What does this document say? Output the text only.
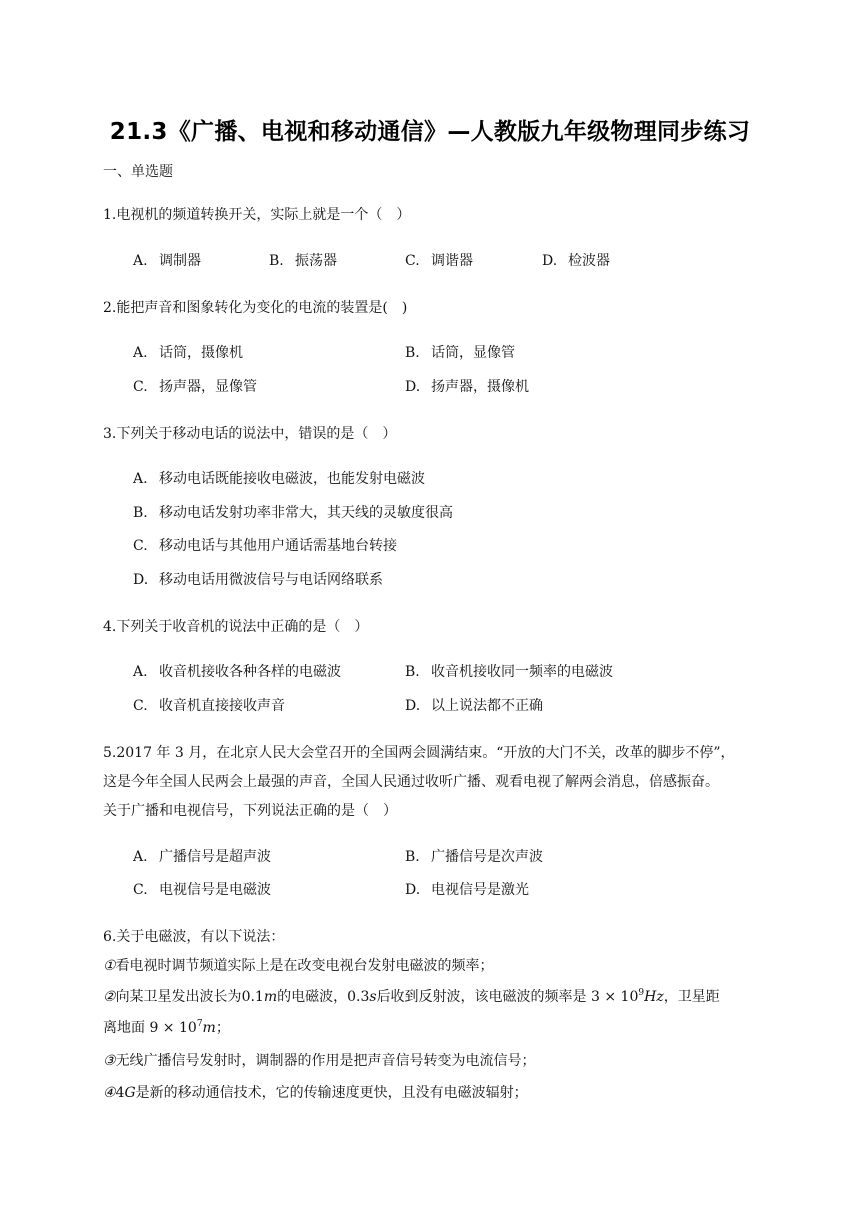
21.3《广播、电视和移动通信》—人教版九年级物理同步练习
一、单选题
1.电视机的频道转换开关，实际上就是一个（　）
A. 调制器	B. 振荡器	C. 调谐器	D. 检波器
2.能把声音和图象转化为变化的电流的装置是(　)
A. 话筒，摄像机	B. 话筒，显像管
C. 扬声器，显像管	D. 扬声器，摄像机
3.下列关于移动电话的说法中，错误的是（　）
A. 移动电话既能接收电磁波，也能发射电磁波
B. 移动电话发射功率非常大，其天线的灵敏度很高
C. 移动电话与其他用户通话需基地台转接
D. 移动电话用微波信号与电话网络联系
4.下列关于收音机的说法中正确的是（　）
A. 收音机接收各种各样的电磁波	B. 收音机接收同一频率的电磁波
C. 收音机直接接收声音	D. 以上说法都不正确
5.2017 年 3 月，在北京人民大会堂召开的全国两会圆满结束。“开放的大门不关，改革的脚步不停”，
这是今年全国人民两会上最强的声音，全国人民通过收听广播、观看电视了解两会消息，倍感振奋。
关于广播和电视信号，下列说法正确的是（　）
A. 广播信号是超声波	B. 广播信号是次声波
C. 电视信号是电磁波	D. 电视信号是激光
6.关于电磁波，有以下说法：
①看电视时调节频道实际上是在改变电视台发射电磁波的频率；
②向某卫星发出波长为0.1m的电磁波，0.3s后收到反射波，该电磁波的频率是 $3 \times 10^9Hz$，卫星距
离地面 $9 \times 10^7m$；
③无线广播信号发射时，调制器的作用是把声音信号转变为电流信号；
④4G是新的移动通信技术，它的传输速度更快，且没有电磁波辐射；
